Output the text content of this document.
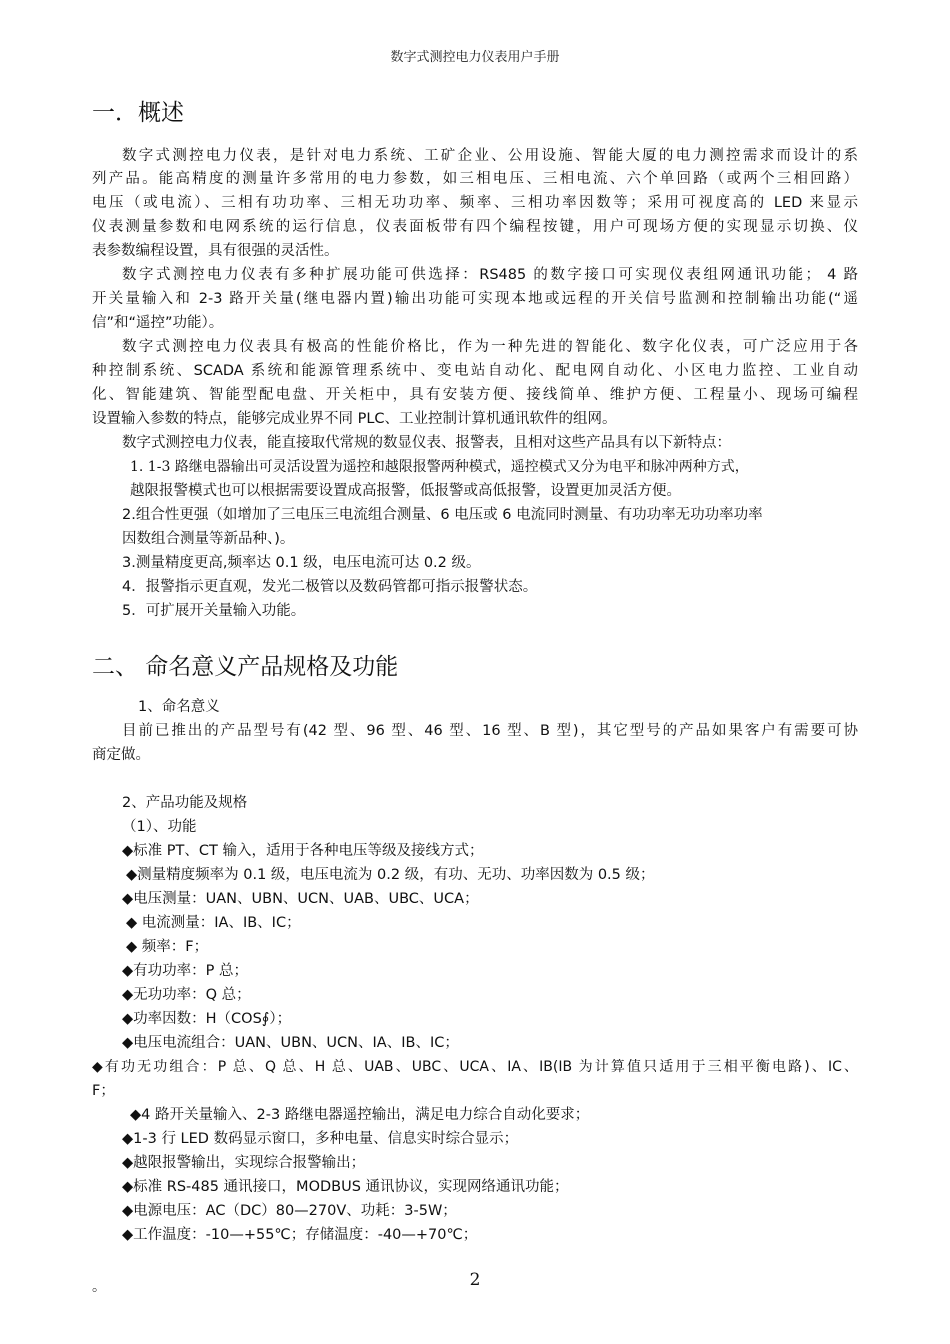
数字式测控电力仪表用户手册
一．概述
数字式测控电力仪表，是针对电力系统、工矿企业、公用设施、智能大厦的电力测控需求而设计的系
列产品。能高精度的测量许多常用的电力参数，如三相电压、三相电流、六个单回路（或两个三相回路）
电压（或电流）、三相有功功率、三相无功功率、频率、三相功率因数等；采用可视度高的 LED 来显示
仪表测量参数和电网系统的运行信息，仪表面板带有四个编程按键，用户可现场方便的实现显示切换、仪
表参数编程设置，具有很强的灵活性。
数字式测控电力仪表有多种扩展功能可供选择：RS485 的数字接口可实现仪表组网通讯功能； 4 路
开关量输入和 2-3 路开关量(继电器内置)输出功能可实现本地或远程的开关信号监测和控制输出功能(“遥
信”和“遥控”功能）。
数字式测控电力仪表具有极高的性能价格比，作为一种先进的智能化、数字化仪表，可广泛应用于各
种控制系统、SCADA 系统和能源管理系统中、变电站自动化、配电网自动化、小区电力监控、工业自动
化、智能建筑、智能型配电盘、开关柜中，具有安装方便、接线简单、维护方便、工程量小、现场可编程
设置输入参数的特点，能够完成业界不同 PLC、工业控制计算机通讯软件的组网。
数字式测控电力仪表，能直接取代常规的数显仪表、报警表，且相对这些产品具有以下新特点：
1. 1-3 路继电器输出可灵活设置为遥控和越限报警两种模式，遥控模式又分为电平和脉冲两种方式，
越限报警模式也可以根据需要设置成高报警，低报警或高低报警，设置更加灵活方便。
2.组合性更强（如增加了三电压三电流组合测量、6 电压或 6 电流同时测量、有功功率无功功率功率
因数组合测量等新品种、)。
3.测量精度更高,频率达 0.1 级，电压电流可达 0.2 级。
4．报警指示更直观，发光二极管以及数码管都可指示报警状态。
5．可扩展开关量输入功能。
二、 命名意义产品规格及功能
1、命名意义
目前已推出的产品型号有(42 型、96 型、46 型、16 型、B 型)，其它型号的产品如果客户有需要可协
商定做。
2、产品功能及规格
（1）、功能
◆标准 PT、CT 输入，适用于各种电压等级及接线方式；
◆测量精度频率为 0.1 级，电压电流为 0.2 级，有功、无功、功率因数为 0.5 级；
◆电压测量：UAN、UBN、UCN、UAB、UBC、UCA；
◆ 电流测量：IA、IB、IC；
◆ 频率：F；
◆有功功率：P 总；
◆无功功率：Q 总；
◆功率因数：H（COS∮）；
◆电压电流组合：UAN、UBN、UCN、IA、IB、IC；
◆有功无功组合：P 总、Q 总、H 总、UAB、UBC、UCA、IA、IB(IB 为计算值只适用于三相平衡电路)、IC、
F；
◆4 路开关量输入、2-3 路继电器遥控输出，满足电力综合自动化要求；
◆1-3 行 LED 数码显示窗口，多种电量、信息实时综合显示；
◆越限报警输出，实现综合报警输出；
◆标准 RS-485 通讯接口，MODBUS 通讯协议，实现网络通讯功能；
◆电源电压：AC（DC）80—270V、功耗：3-5W；
◆工作温度：-10—+55℃；存储温度：-40—+70℃；
。	2
